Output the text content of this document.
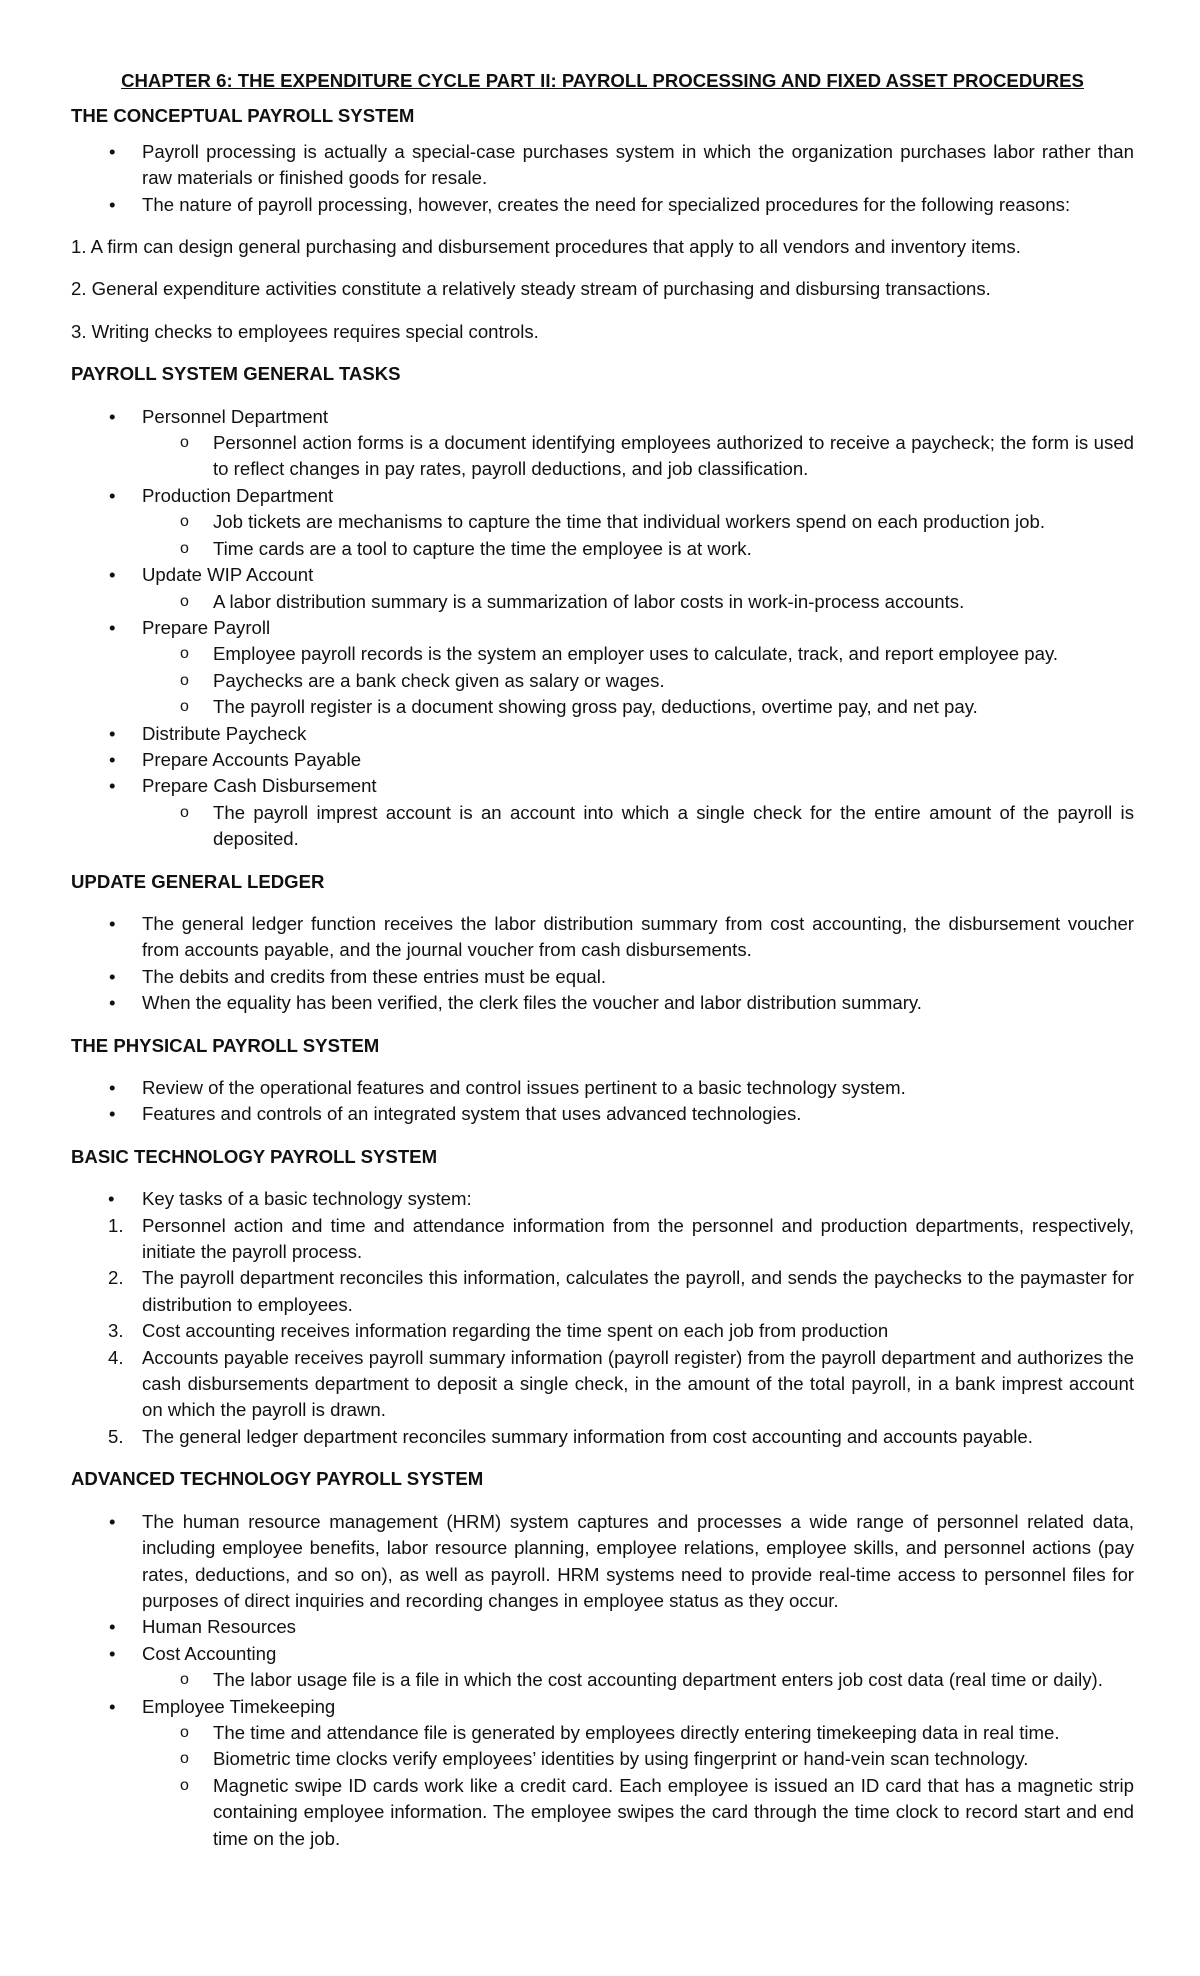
CHAPTER 6: THE EXPENDITURE CYCLE PART II: PAYROLL PROCESSING AND FIXED ASSET PROCEDURES
THE CONCEPTUAL PAYROLL SYSTEM
• Payroll processing is actually a special-case purchases system in which the organization purchases labor rather than raw materials or finished goods for resale.
• The nature of payroll processing, however, creates the need for specialized procedures for the following reasons:

1. A firm can design general purchasing and disbursement procedures that apply to all vendors and inventory items.

2. General expenditure activities constitute a relatively steady stream of purchasing and disbursing transactions.

3. Writing checks to employees requires special controls.

PAYROLL SYSTEM GENERAL TASKS
• Personnel Department
o Personnel action forms is a document identifying employees authorized to receive a paycheck; the form is used to reflect changes in pay rates, payroll deductions, and job classification.
• Production Department
o Job tickets are mechanisms to capture the time that individual workers spend on each production job.
o Time cards are a tool to capture the time the employee is at work.
• Update WIP Account
o A labor distribution summary is a summarization of labor costs in work-in-process accounts.
• Prepare Payroll
o Employee payroll records is the system an employer uses to calculate, track, and report employee pay.
o Paychecks are a bank check given as salary or wages.
o The payroll register is a document showing gross pay, deductions, overtime pay, and net pay.
• Distribute Paycheck
• Prepare Accounts Payable
• Prepare Cash Disbursement
o The payroll imprest account is an account into which a single check for the entire amount of the payroll is deposited.
UPDATE GENERAL LEDGER
• The general ledger function receives the labor distribution summary from cost accounting, the disbursement voucher from accounts payable, and the journal voucher from cash disbursements.
• The debits and credits from these entries must be equal.
• When the equality has been verified, the clerk files the voucher and labor distribution summary.
THE PHYSICAL PAYROLL SYSTEM
• Review of the operational features and control issues pertinent to a basic technology system.
• Features and controls of an integrated system that uses advanced technologies.
BASIC TECHNOLOGY PAYROLL SYSTEM
• Key tasks of a basic technology system:
1. Personnel action and time and attendance information from the personnel and production departments, respectively, initiate the payroll process.
2. The payroll department reconciles this information, calculates the payroll, and sends the paychecks to the paymaster for distribution to employees.
3. Cost accounting receives information regarding the time spent on each job from production
4. Accounts payable receives payroll summary information (payroll register) from the payroll department and authorizes the cash disbursements department to deposit a single check, in the amount of the total payroll, in a bank imprest account on which the payroll is drawn.
5. The general ledger department reconciles summary information from cost accounting and accounts payable.
ADVANCED TECHNOLOGY PAYROLL SYSTEM
• The human resource management (HRM) system captures and processes a wide range of personnel related data, including employee benefits, labor resource planning, employee relations, employee skills, and personnel actions (pay rates, deductions, and so on), as well as payroll. HRM systems need to provide real-time access to personnel files for purposes of direct inquiries and recording changes in employee status as they occur.
• Human Resources
• Cost Accounting
o The labor usage file is a file in which the cost accounting department enters job cost data (real time or daily).
• Employee Timekeeping
o The time and attendance file is generated by employees directly entering timekeeping data in real time.
o Biometric time clocks verify employees’ identities by using fingerprint or hand-vein scan technology.
o Magnetic swipe ID cards work like a credit card. Each employee is issued an ID card that has a magnetic strip containing employee information. The employee swipes the card through the time clock to record start and end time on the job.
